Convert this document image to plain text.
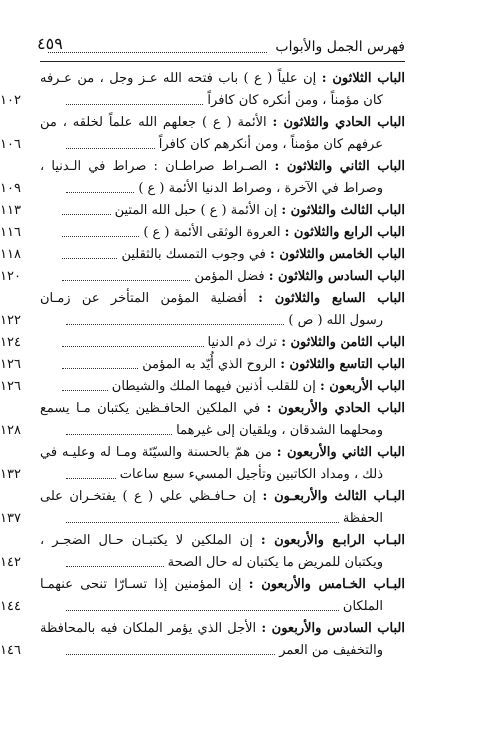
فهرس الجمل والأبواب
٤٥٩
الباب الثلاثون : إن علياً ( ع ) باب فتحه الله عـز وجل ، من عـرفه
كان مؤمناً ، ومن أنكره كان كافراً
١٠٢
الباب الحادي والثلاثون : الأئمة ( ع ) جعلهم الله علماً لخلقه ، من
عرفهم كان مؤمناً ، ومن أنكرهم كان كافراً
١٠٦
الباب الثاني والثلاثون : الصـراط صراطـان : صراط في الـدنيا ،
وصراط في الآخرة ، وصراط الدنيا الأئمة ( ع )
١٠٩
الباب الثالث والثلاثون : إن الأئمة ( ع ) حبل الله المتين
١١٣
الباب الرابع والثلاثون : العروة الوثقى الأئمة ( ع )
١١٦
الباب الخامس والثلاثون : في وجوب التمسك بالثقلين
١١٨
الباب السادس والثلاثون : فضل المؤمن
١٢٠
الباب السابع والثلاثون : أفضلية المؤمن المتأخر عن زمـان
رسول الله ( ص )
١٢٢
الباب الثامن والثلاثون : ترك ذم الدنيا
١٢٤
الباب التاسع والثلاثون : الروح الذي أُيّد به المؤمن
١٢٦
الباب الأربعون : إن للقلب أذنين فيهما الملك والشيطان
١٢٦
الباب الحادي والأربعون : في الملكين الحافـظين يكتبان مـا يسمع
ومحلهما الشدقان ، ويلقيان إلى غيرهما
١٢٨
الباب الثاني والأربعون : من همّ بالحسنة والسيّئة ومـا له وعليـه في
ذلك ، ومداد الكاتبين وتأجيل المسيء سبع ساعات
١٣٢
البـاب الثالث والأربعـون : إن حـافـظي علي ( ع ) يفتخـران على
الحفظة
١٣٧
البـاب الرابـع والأربعون : إن الملكين لا يكتبـان حـال الضجـر ،
ويكتبان للمريض ما يكتبان له حال الصحة
١٤٢
البـاب الخـامس والأربعون : إن المؤمنين إذا تسـارّا تنحى عنهمـا
الملكان
١٤٤
الباب السادس والأربعون : الأجل الذي يؤمر الملكان فيه بالمحافظة
والتخفيف من العمر
١٤٦
